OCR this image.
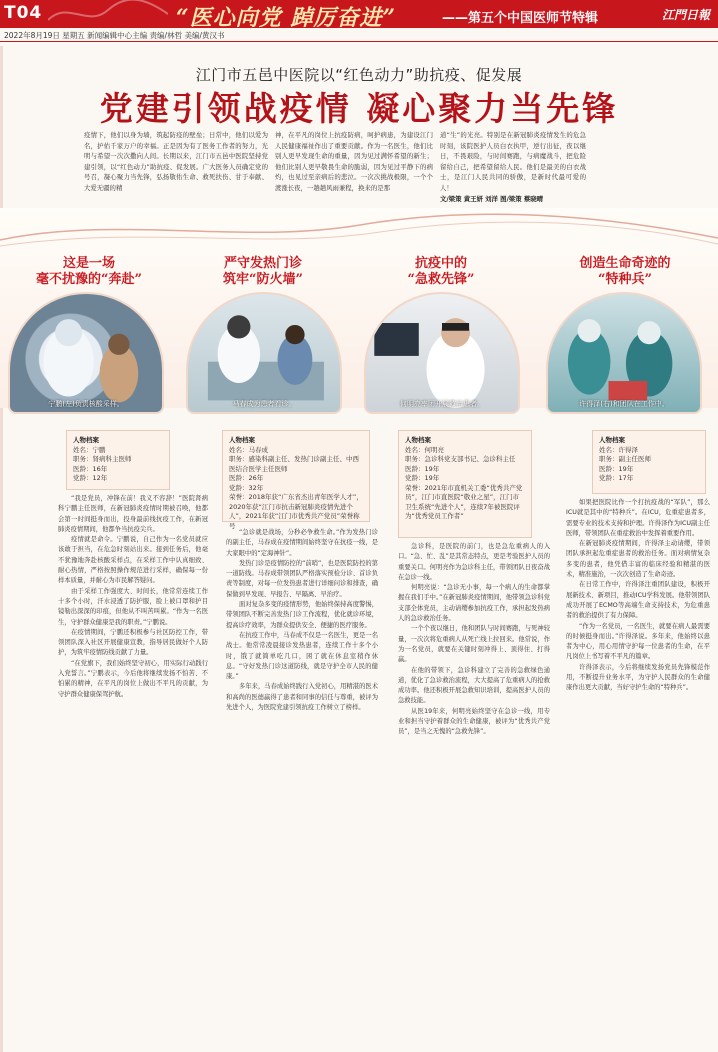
T04	“医心向党 踔厉奋进”	——第五个中国医师节特辑	江門日報
2022年8月19日 星期五 新闻编辑中心主编 责编/林哲 美编/黄汉书
江门市五邑中医院以“红色动力”助抗疫、促发展
党建引领战疫情 凝心聚力当先锋
疫情下，他们以身为墙，筑起防疫的壁垒；日常中，他们以爱为名，护佑千家万户的幸福。正是因为有了医务工作者的努力，光明与希望一次次撒向人间。长期以来，江门市五邑中医院坚持党建引领，以“红色动力”助抗疫、促发展。广大医务人员确定党的号召，凝心聚力当先锋，弘扬敬佑生命、救死扶伤、甘于奉献、大爱无疆的精
神，在平凡的岗位上抗疫防病，呵护病患，为建设江门人民健康福祉作出了重要贡献。作为一名医生，他们比别人更早发现生命的重量，因为见过满怀希望的新生；他们比别人更早敬畏生命的脆弱，因为见过平静下的病灼，也见过至亲病后的悲泣。一次次挑战极限，一个个渡涨长夜，一趟趟风雨兼程，换来的是那
道“生”的光亮。特别是在新冠肺炎疫情发生的危急时刻，该院医护人员白衣执甲，逆行出征，夜以继日，不畏艰险，与时间赛跑，与病魔战斗，把危险留给自己，把希望留给人民。他们是最美的白衣战士，是江门人民共同的骄傲，是新时代最可爱的人！
文/梁策 黄王妍 刘洋 图/梁策 蔡晓晴
这是一场
毫不扰豫的“奔赴”
宁鹏(左)负责核酸采样。
严守发热门诊
筑牢“防火墙”
马春成为患者看诊。
抗疫中的
“急救先锋”
何明亮率团开展救治患者。
创造生命奇迹的
“特种兵”
许得泽(右)和团队在工作中。
人物档案
姓名：宁鹏
职务：肾病科主医师
医龄：16年
党龄：12年
人物档案
姓名：马春成
职务：感染科副主任、发热门诊副主任、中西医结合医学主任医师
医龄：26年
党龄：32年
荣誉：2018年获“广东省杰出青年医学人才”，2020年获“江门市抗击新冠肺炎疫情先进个人”，2021年获“江门市优秀共产党员”荣誉称号
人物档案
姓名：何明亮
职务：急诊科党支部书记、急诊科主任
医龄：19年
党龄：19年
荣誉：2021年市直机关工委“优秀共产党员”，江门市直医院“敬业之星”，江门市卫生系统“先进个人”，连续7年被医院评为“优秀党员工作者”
人物档案
姓名：许得泽
职务：副主任医师
医龄：19年
党龄：17年

“我是党员，冲锋在前！我义不容辞！”医院肾病科宁鹏主任医师，在新冠肺炎疫情时期被召唤，他都会第一时间挺身而出，投身最前线抗疫工作，在新冠肺炎疫情期间，他都争当抗疫尖兵。

疫情就是命令。宁鹏说，自己作为一名党员就应该敢于担当，在危急时刻站出来。接到任务后，他毫不犹豫地奔赴核酸采样点，在采样工作中认真细致、耐心热情，严格按照操作规范进行采样，确保每一份样本质量，并耐心为市民解答疑问。

由于采样工作强度大、时间长，他常常连续工作十多个小时，汗水浸透了防护服，脸上被口罩和护目镜勒出深深的印痕，但他从不叫苦叫累。“作为一名医生，守护群众健康是我的职责。”宁鹏说。

在疫情期间，宁鹏还积极参与社区防控工作，带领团队深入社区开展健康宣教，指导居民做好个人防护，为筑牢疫情防线贡献了力量。

“在党旗下，我们始终坚守初心，用实际行动践行入党誓言。”宁鹏表示，今后他将继续发扬不怕苦、不怕累的精神，在平凡的岗位上做出不平凡的贡献，为守护群众健康保驾护航。

“急诊就是战场，分秒必争救生命。”作为发热门诊的副主任，马春成在疫情期间始终坚守在抗疫一线，是大家眼中的“定海神针”。

发热门诊是疫情防控的“前哨”，也是医院防控的第一道防线。马春成带领团队严格落实预检分诊、首诊负责等制度，对每一位发热患者进行详细问诊和排查，确保做到早发现、早报告、早隔离、早治疗。

面对复杂多变的疫情形势，他始终保持高度警惕，带领团队不断完善发热门诊工作流程，优化就诊环境，提高诊疗效率，为群众提供安全、便捷的医疗服务。

在抗疫工作中，马春成不仅是一名医生，更是一名战士。他常常凌晨接诊发热患者，连续工作十多个小时，饿了就简单吃几口，困了就在休息室稍作休息。“守好发热门诊这道防线，就是守护全市人民的健康。”

多年来，马春成始终践行入党初心，用精湛的医术和高尚的医德赢得了患者和同事的信任与尊重，被评为先进个人，为医院党建引领抗疫工作树立了榜样。

急诊科，是医院的前门，也是急危重病人的入口。“急、忙、乱”是其常态特点，更是考验医护人员的重要关口。何明亮作为急诊科主任，带领团队日夜奋战在急诊一线。

何明亮说：“急诊无小事，每一个病人的生命都掌握在我们手中。”在新冠肺炎疫情期间，他带领急诊科党支部全体党员，主动请缨参加抗疫工作，承担起发热病人的急诊救治任务。

一个个夜以继日，他和团队与时间赛跑，与死神较量，一次次将危重病人从死亡线上拉回来。他常说，作为一名党员，就要在关键时刻冲得上、顶得住、打得赢。

在他的带领下，急诊科建立了完善的急救绿色通道，优化了急诊救治流程，大大提高了危重病人的抢救成功率。他还积极开展急救知识培训，提高医护人员的急救技能。

从医19年来，何明亮始终坚守在急诊一线，用专业和担当守护着群众的生命健康，被评为“优秀共产党员”，是当之无愧的“急救先锋”。

如果把医院比作一个打抗疫战的“军队”，那么ICU就是其中的“特种兵”。在ICU，危重症患者多，需要专业的技术支持和护理。许得泽作为ICU副主任医师，带领团队在重症救治中发挥着重要作用。

在新冠肺炎疫情期间，许得泽主动请缨，带领团队承担起危重症患者的救治任务。面对病情复杂多变的患者，他凭借丰富的临床经验和精湛的医术，精准施治，一次次创造了生命奇迹。

在日常工作中，许得泽注重团队建设，积极开展新技术、新项目，推动ICU学科发展。他带领团队成功开展了ECMO等高端生命支持技术，为危重患者的救治提供了有力保障。

“作为一名党员，一名医生，就要在病人最需要的时候挺身而出。”许得泽说。多年来，他始终以患者为中心，用心用情守护每一位患者的生命，在平凡岗位上书写着不平凡的篇章。

许得泽表示，今后将继续发扬党员先锋模范作用，不断提升业务水平，为守护人民群众的生命健康作出更大贡献，当好守护生命的“特种兵”。
